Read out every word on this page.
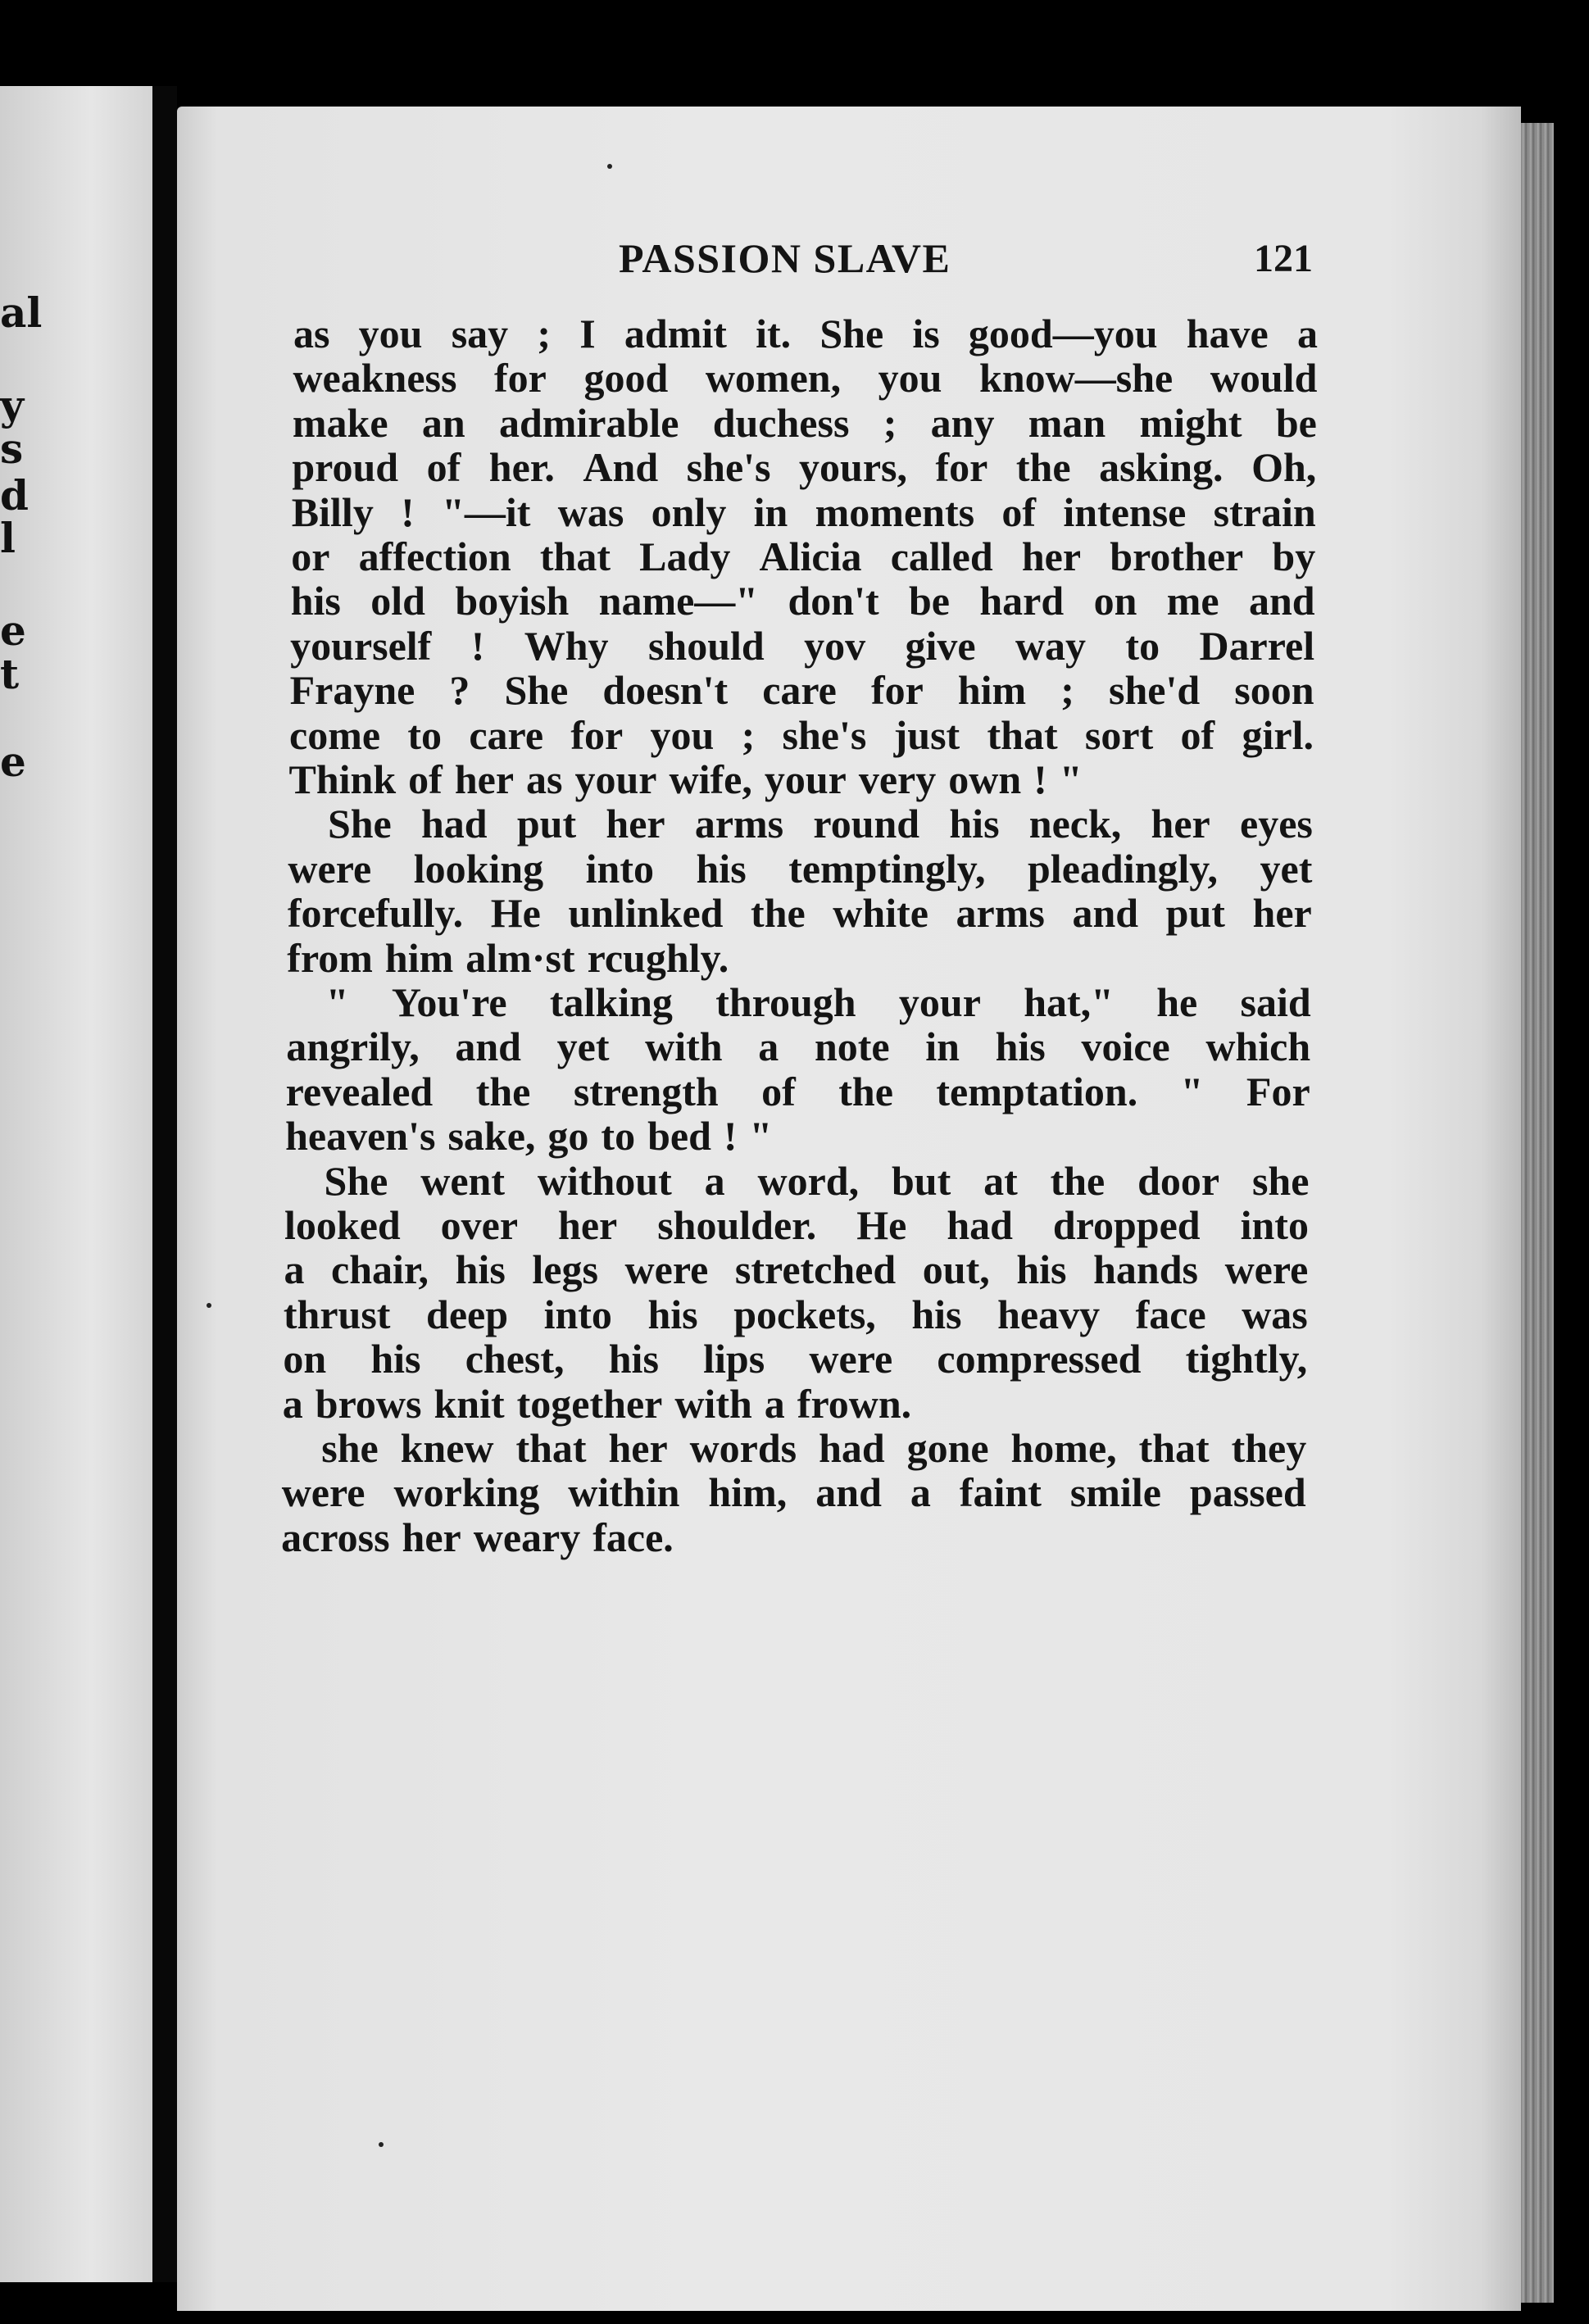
al
y
s
d
l
e
t
e
PASSION SLAVE	121
as you say ; I admit it. She is good—you have a
weakness for good women, you know—she would
make an admirable duchess ; any man might be
proud of her. And she's yours, for the asking. Oh,
Billy ! "—it was only in moments of intense strain
or affection that Lady Alicia called her brother by
his old boyish name—" don't be hard on me and
yourself ! Why should yov give way to Darrel
Frayne ? She doesn't care for him ; she'd soon
come to care for you ; she's just that sort of girl.
Think of her as your wife, your very own ! "
She had put her arms round his neck, her eyes
were looking into his temptingly, pleadingly, yet
forcefully. He unlinked the white arms and put her
from him alm·st rcughly.
" You're talking through your hat," he said
angrily, and yet with a note in his voice which
revealed the strength of the temptation. " For
heaven's sake, go to bed ! "
She went without a word, but at the door she
looked over her shoulder. He had dropped into
a chair, his legs were stretched out, his hands were
thrust deep into his pockets, his heavy face was
on his chest, his lips were compressed tightly,
a brows knit together with a frown.
she knew that her words had gone home, that they
were working within him, and a faint smile passed
across her weary face.
